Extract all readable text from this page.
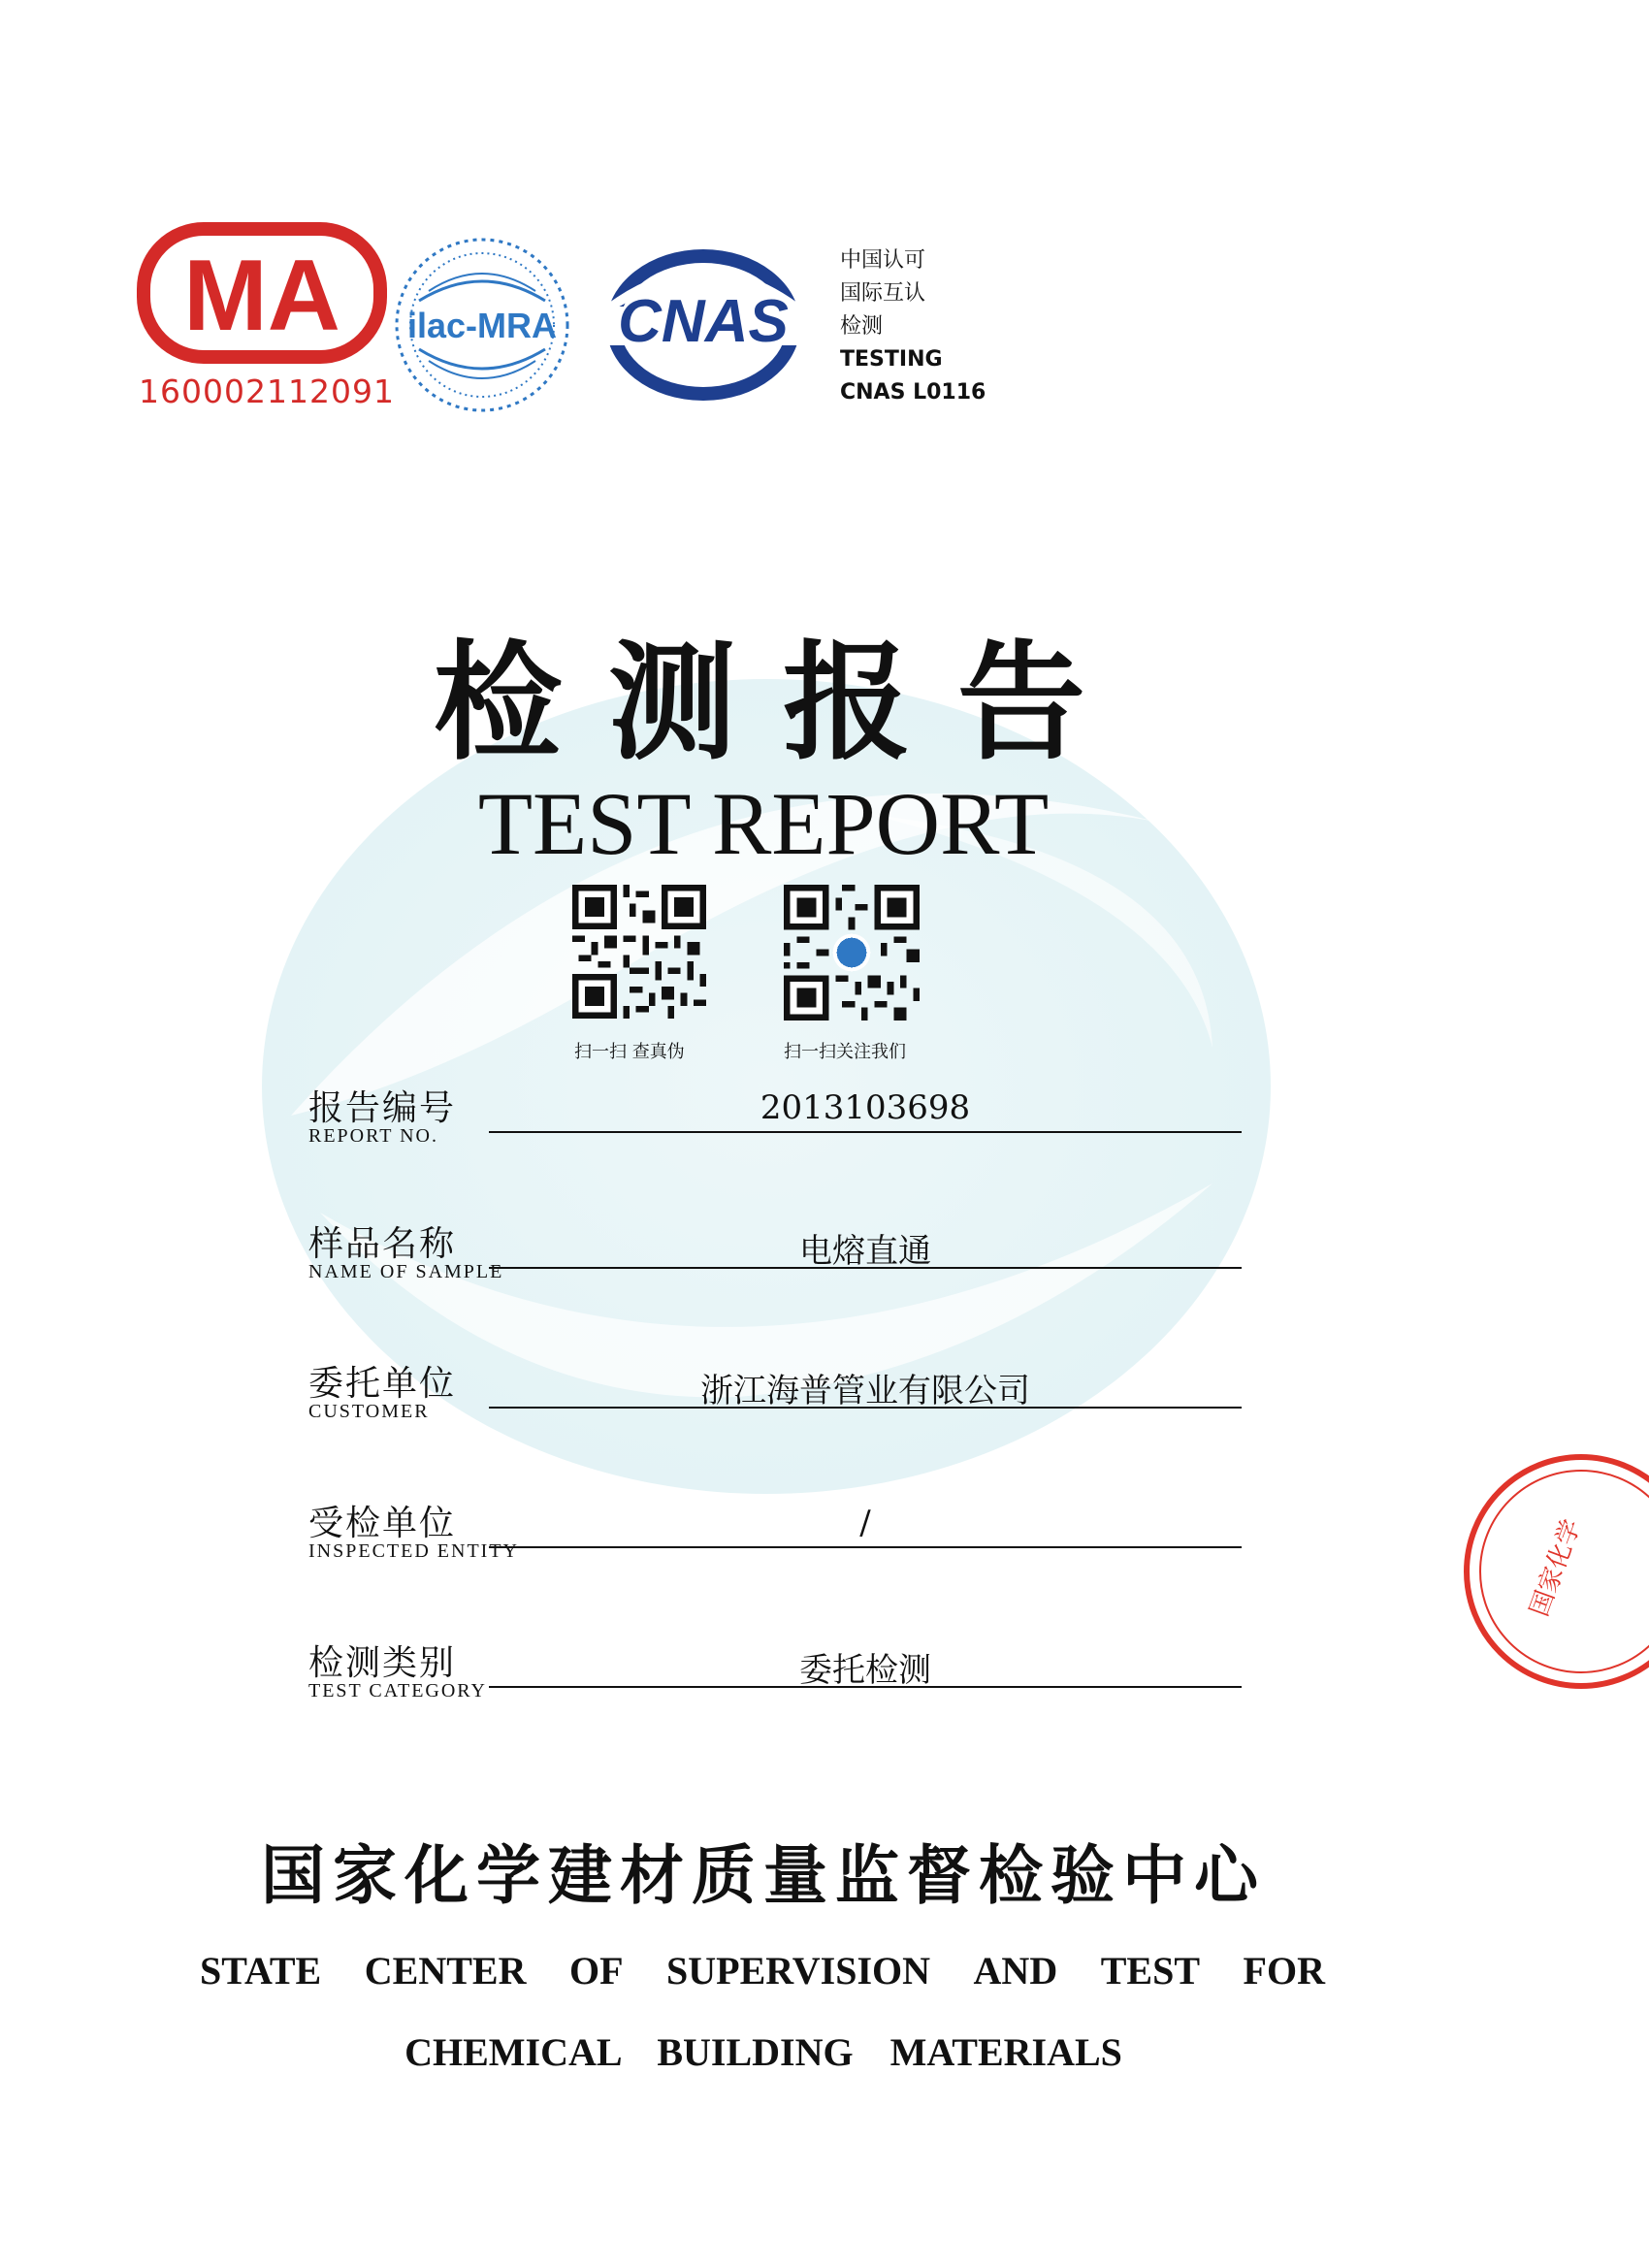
MA
160002112091
ilac-MRA CNAS
中国认可
国际互认
检测
TESTING
CNAS L0116
检测报告
TEST REPORT
扫一扫 查真伪	扫一扫关注我们
报告编号
REPORT NO.
2013103698
样品名称
NAME OF SAMPLE
电熔直通
委托单位
CUSTOMER
浙江海普管业有限公司
受检单位
INSPECTED ENTITY
/
检测类别
TEST CATEGORY
委托检测
国家化学建材质量监督检验中心
STATE CENTER OF SUPERVISION AND TEST FOR
CHEMICAL BUILDING MATERIALS
国家化学
